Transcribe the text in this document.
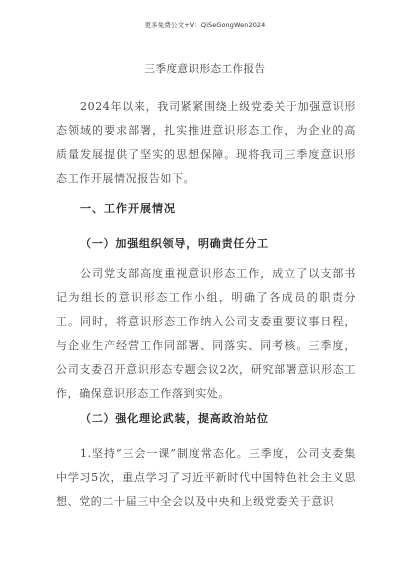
更多免费公文+V：QiSeGongWen2024
三季度意识形态工作报告

2024年以来，我司紧紧围绕上级党委关于加强意识形态领域的要求部署，扎实推进意识形态工作，为企业的高质量发展提供了坚实的思想保障。现将我司三季度意识形态工作开展情况报告如下。

一、工作开展情况
（一）加强组织领导，明确责任分工

公司党支部高度重视意识形态工作，成立了以支部书记为组长的意识形态工作小组，明确了各成员的职责分工。同时，将意识形态工作纳入公司支委重要议事日程，与企业生产经营工作同部署、同落实、同考核。三季度，公司支委召开意识形态专题会议2次，研究部署意识形态工作，确保意识形态工作落到实处。

（二）强化理论武装，提高政治站位

1.坚持“三会一课”制度常态化。三季度，公司支委集中学习5次，重点学习了习近平新时代中国特色社会主义思想、党的二十届三中全会以及中央和上级党委关于意识
